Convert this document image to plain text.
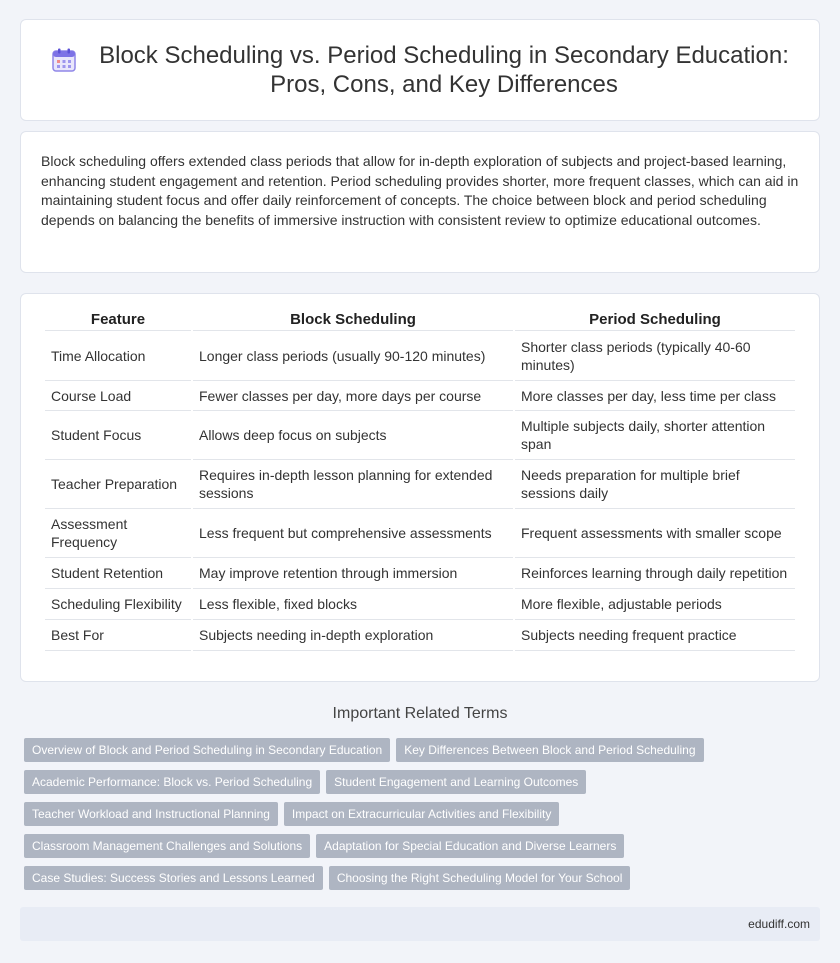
Block Scheduling vs. Period Scheduling in Secondary Education:
Pros, Cons, and Key Differences

Block scheduling offers extended class periods that allow for in-depth exploration of subjects and project-based learning, enhancing student engagement and retention. Period scheduling provides shorter, more frequent classes, which can aid in maintaining student focus and offer daily reinforcement of concepts. The choice between block and period scheduling depends on balancing the benefits of immersive instruction with consistent review to optimize educational outcomes.

Feature	Block Scheduling	Period Scheduling
Time Allocation	Longer class periods (usually 90-120 minutes)	Shorter class periods (typically 40-60 minutes)
Course Load	Fewer classes per day, more days per course	More classes per day, less time per class
Student Focus	Allows deep focus on subjects	Multiple subjects daily, shorter attention span
Teacher Preparation	Requires in-depth lesson planning for extended sessions	Needs preparation for multiple brief sessions daily
Assessment Frequency	Less frequent but comprehensive assessments	Frequent assessments with smaller scope
Student Retention	May improve retention through immersion	Reinforces learning through daily repetition
Scheduling Flexibility	Less flexible, fixed blocks	More flexible, adjustable periods
Best For	Subjects needing in-depth exploration	Subjects needing frequent practice
Important Related Terms
Overview of Block and Period Scheduling in Secondary Education	Key Differences Between Block and Period Scheduling
Academic Performance: Block vs. Period Scheduling	Student Engagement and Learning Outcomes
Teacher Workload and Instructional Planning	Impact on Extracurricular Activities and Flexibility
Classroom Management Challenges and Solutions	Adaptation for Special Education and Diverse Learners
Case Studies: Success Stories and Lessons Learned	Choosing the Right Scheduling Model for Your School
edudiff.com
